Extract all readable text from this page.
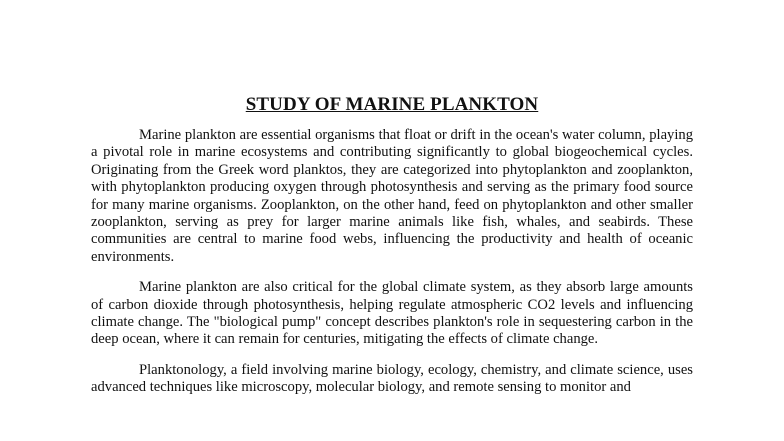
STUDY OF MARINE PLANKTON

Marine plankton are essential organisms that float or drift in the ocean's water column, playing a pivotal role in marine ecosystems and contributing significantly to global biogeochemical cycles. Originating from the Greek word planktos, they are categorized into phytoplankton and zooplankton, with phytoplankton producing oxygen through photosynthesis and serving as the primary food source for many marine organisms. Zooplankton, on the other hand, feed on phytoplankton and other smaller zooplankton, serving as prey for larger marine animals like fish, whales, and seabirds. These communities are central to marine food webs, influencing the productivity and health of oceanic environments.

Marine plankton are also critical for the global climate system, as they absorb large amounts of carbon dioxide through photosynthesis, helping regulate atmospheric CO2 levels and influencing climate change. The "biological pump" concept describes plankton's role in sequestering carbon in the deep ocean, where it can remain for centuries, mitigating the effects of climate change.

Planktonology, a field involving marine biology, ecology, chemistry, and climate science, uses advanced techniques like microscopy, molecular biology, and remote sensing to monitor and
